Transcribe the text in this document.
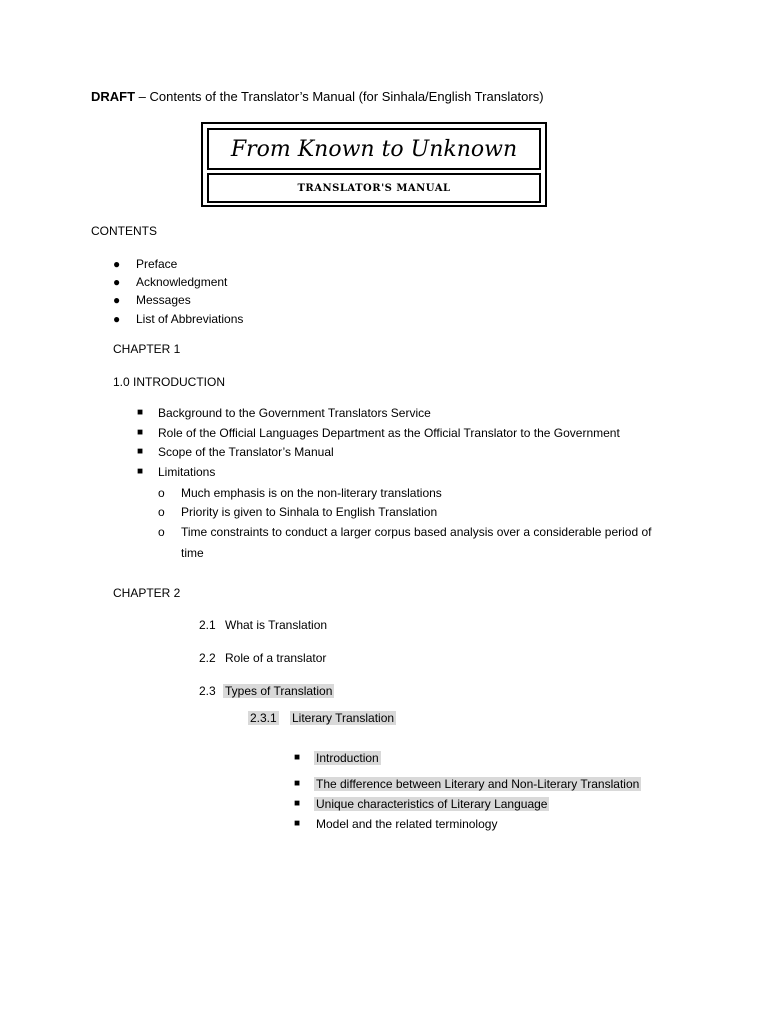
DRAFT – Contents of the Translator’s Manual (for Sinhala/English Translators)
From Known to Unknown
TRANSLATOR'S MANUAL
CONTENTS
● Preface
● Acknowledgment
● Messages
● List of Abbreviations
CHAPTER 1
1.0 INTRODUCTION
■ Background to the Government Translators Service
■ Role of the Official Languages Department as the Official Translator to the Government
■ Scope of the Translator’s Manual
■ Limitations
o Much emphasis is on the non-literary translations
o Priority is given to Sinhala to English Translation
o Time constraints to conduct a larger corpus based analysis over a considerable period of
time
CHAPTER 2
2.1 What is Translation
2.2 Role of a translator
2.3 Types of Translation
2.3.1 Literary Translation
■ Introduction
■ The difference between Literary and Non-Literary Translation
■ Unique characteristics of Literary Language
■ Model and the related terminology
